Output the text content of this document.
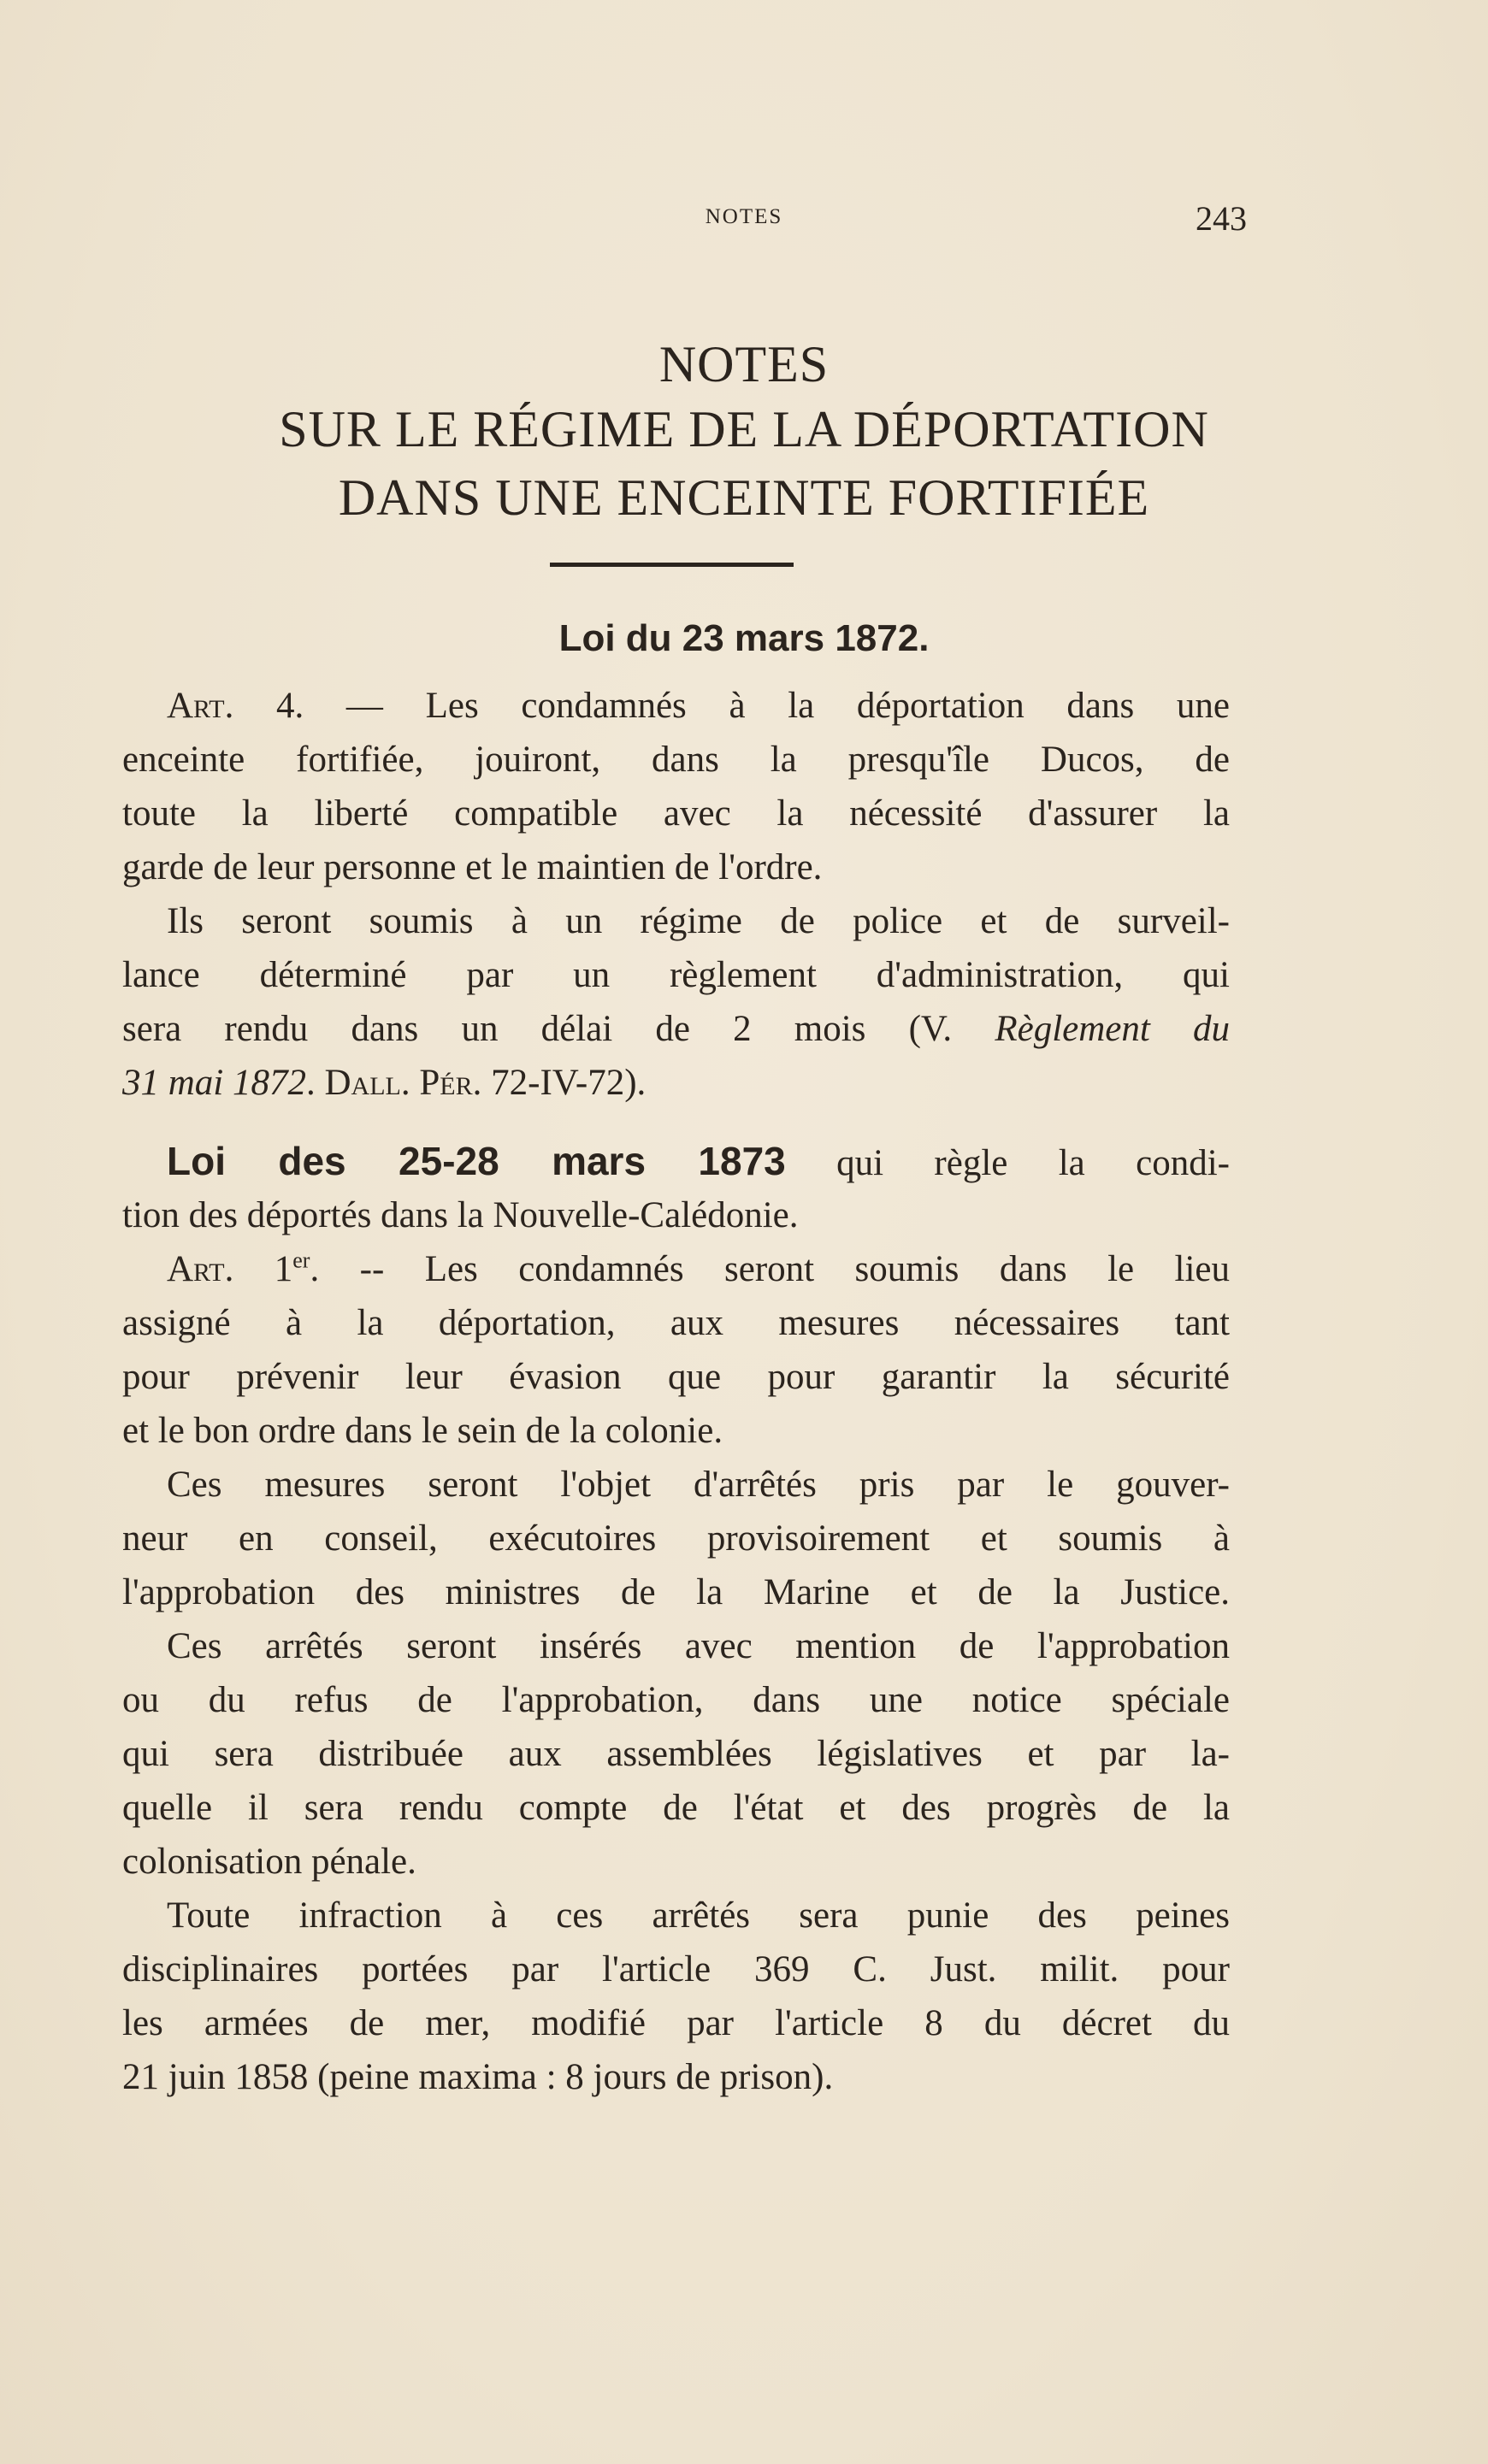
NOTES	243
NOTES
SUR LE RÉGIME DE LA DÉPORTATION
DANS UNE ENCEINTE FORTIFIÉE
Loi du 23 mars 1872.
Art. 4. — Les condamnés à la déportation dans une
enceinte fortifiée, jouiront, dans la presqu'île Ducos, de
toute la liberté compatible avec la nécessité d'assurer la
garde de leur personne et le maintien de l'ordre.
Ils seront soumis à un régime de police et de surveil-
lance déterminé par un règlement d'administration, qui
sera rendu dans un délai de 2 mois (V. Règlement du
31 mai 1872. Dall. Pér. 72-IV-72).
Loi des 25-28 mars 1873 qui règle la condi-
tion des déportés dans la Nouvelle-Calédonie.
Art. 1er. -- Les condamnés seront soumis dans le lieu
assigné à la déportation, aux mesures nécessaires tant
pour prévenir leur évasion que pour garantir la sécurité
et le bon ordre dans le sein de la colonie.
Ces mesures seront l'objet d'arrêtés pris par le gouver-
neur en conseil, exécutoires provisoirement et soumis à
l'approbation des ministres de la Marine et de la Justice.
Ces arrêtés seront insérés avec mention de l'approbation
ou du refus de l'approbation, dans une notice spéciale
qui sera distribuée aux assemblées législatives et par la-
quelle il sera rendu compte de l'état et des progrès de la
colonisation pénale.
Toute infraction à ces arrêtés sera punie des peines
disciplinaires portées par l'article 369 C. Just. milit. pour
les armées de mer, modifié par l'article 8 du décret du
21 juin 1858 (peine maxima : 8 jours de prison).
